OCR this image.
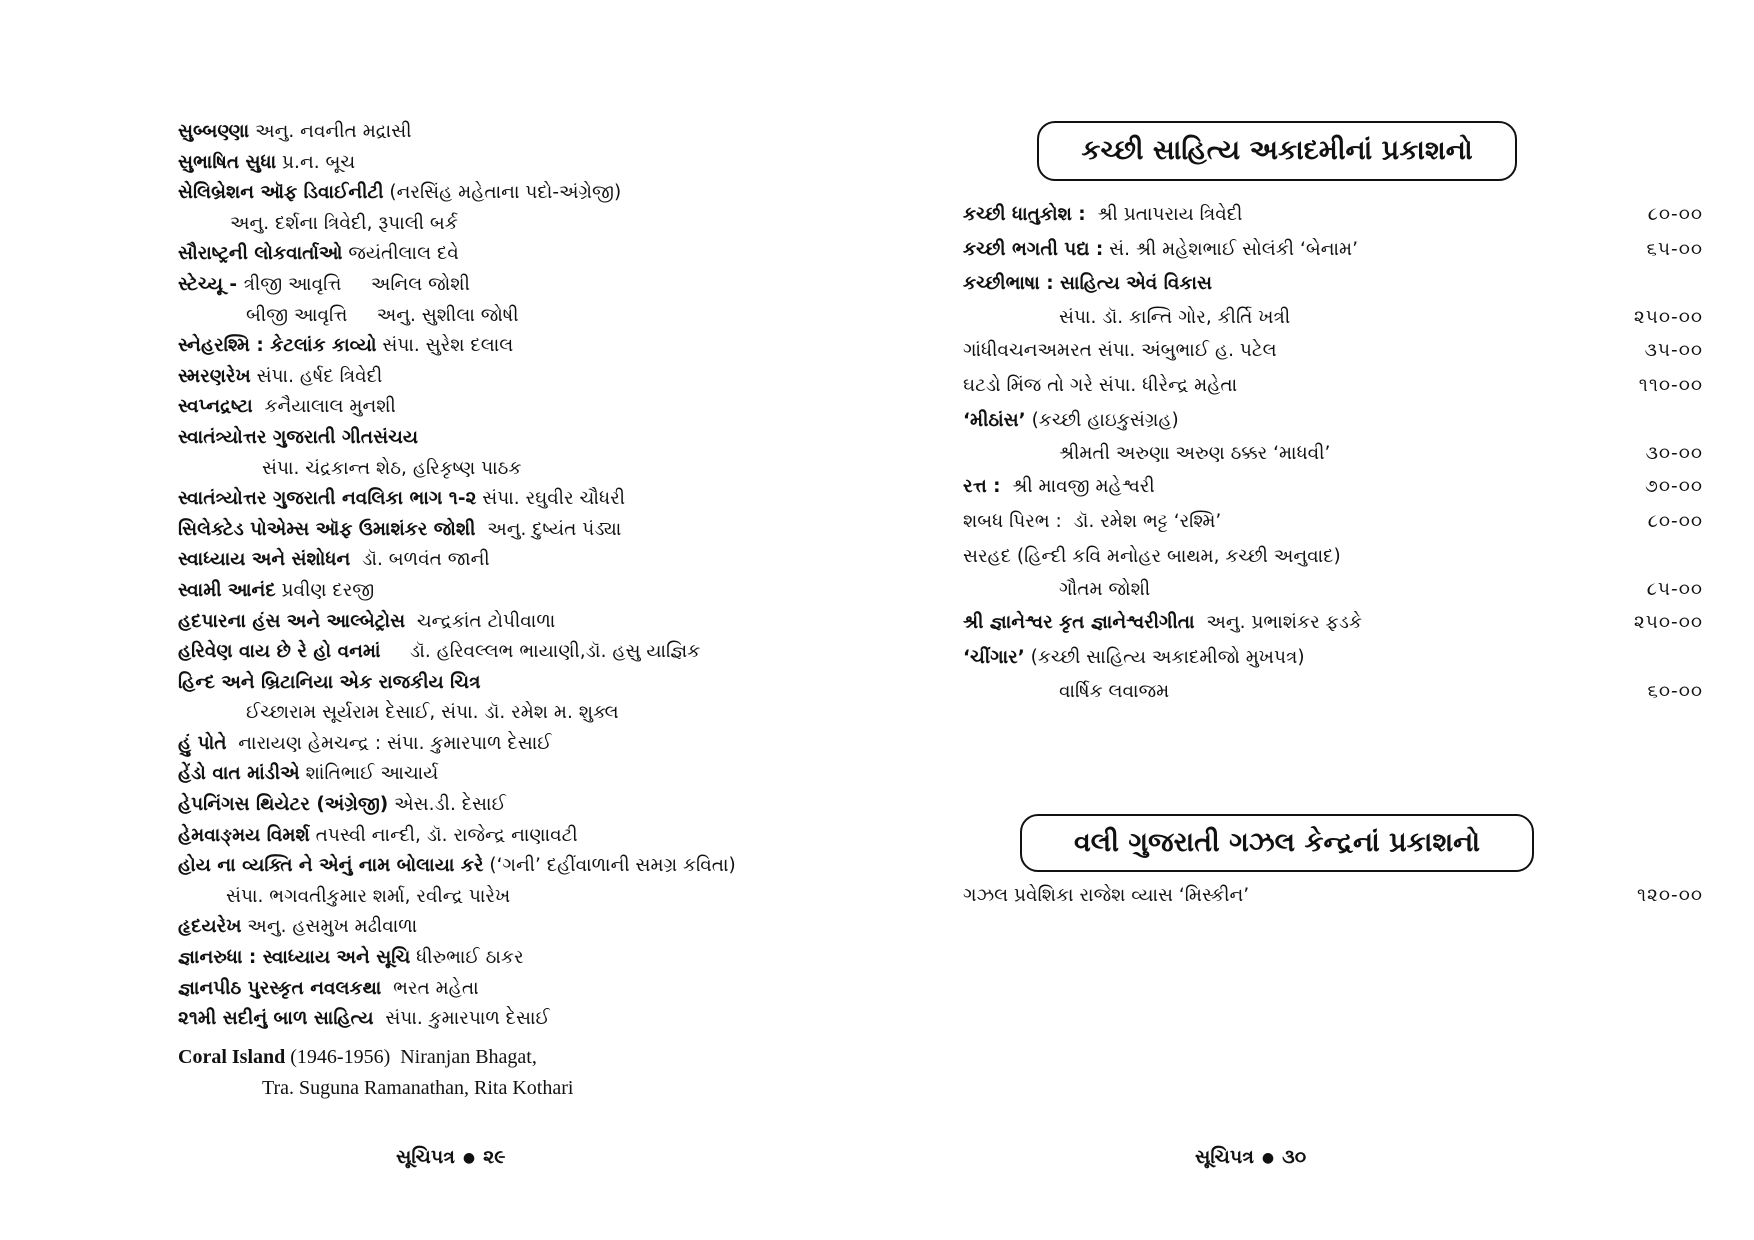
સુબ્બણ્ણા અનુ. નવનીત મદ્રાસી
સુભાષિત સુધા પ્ર.ન. બૂચ
સેલિબ્રેશન ઑફ ડિવાઈનીટી (નરસિંહ મહેતાના પદો-અંગ્રેજી)
અનુ. દર્શના ત્રિવેદી, રૂપાલી બર્ક
સૌરાષ્ટ્રની લોકવાર્તાઓ જયંતીલાલ દવે
સ્ટેચ્યૂ - ત્રીજી આવૃત્તિ     અનિલ જોશી
બીજી આવૃત્તિ     અનુ. સુશીલા જોષી
સ્નેહરશ્મિ : કેટલાંક કાવ્યો સંપા. સુરેશ દલાલ
સ્મરણરેખ સંપા. હર્ષદ ત્રિવેદી
સ્વપ્નદ્રષ્ટા  કનૈયાલાલ મુનશી
સ્વાતંત્ર્યોત્તર ગુજરાતી ગીતસંચય
સંપા. ચંદ્રકાન્ત શેઠ, હરિકૃષ્ણ પાઠક
સ્વાતંત્ર્યોત્તર ગુજરાતી નવલિકા ભાગ ૧-૨ સંપા. રઘુવીર ચૌધરી
સિલેક્ટેડ પોએમ્સ ઑફ ઉમાશંકર જોશી  અનુ. દુષ્યંત પંડ્યા
સ્વાધ્યાય અને સંશોધન  ડૉ. બળવંત જાની
સ્વામી આનંદ પ્રવીણ દરજી
હદપારના હંસ અને આલ્બેટ્રોસ  ચન્દ્રકાંત ટોપીવાળા
હરિવેણ વાય છે રે હો વનમાં     ડૉ. હરિવલ્લભ ભાયાણી,ડૉ. હસુ યાજ્ઞિક
હિન્દ અને બ્રિટાનિયા એક રાજકીય ચિત્ર
ઈચ્છારામ સૂર્યરામ દેસાઈ, સંપા. ડૉ. રમેશ મ. શુક્લ
હું પોતે  નારાયણ હેમચન્દ્ર : સંપા. કુમારપાળ દેસાઈ
હેંડો વાત માંડીએ શાંતિભાઈ આચાર્ય
હેપનિંગસ થિયેટર (અંગ્રેજી) એસ.ડી. દેસાઈ
હેમવાઙ્મય વિમર્શ તપસ્વી નાન્દી, ડૉ. રાજેન્દ્ર નાણાવટી
હોય ના વ્યક્તિ ને એનું નામ બોલાયા કરે (‘ગની’ દહીંવાળાની સમગ્ર કવિતા)
સંપા. ભગવતીકુમાર શર્મા, રવીન્દ્ર પારેખ
હૃદયરેખ અનુ. હસમુખ મઢીવાળા
જ્ઞાનરુધા : સ્વાધ્યાય અને સૂચિ ધીરુભાઈ ઠાકર
જ્ઞાનપીઠ પુરસ્કૃત નવલકથા  ભરત મહેતા
૨૧મી સદીનું બાળ સાહિત્ય  સંપા. કુમારપાળ દેસાઈ
Coral Island (1946-1956)  Niranjan Bhagat,
Tra. Suguna Ramanathan, Rita Kothari
સૂચિપત્ર ● ૨૯
કચ્છી સાહિત્ય અકાદમીનાં પ્રકાશનો
કચ્છી ધાતુકોશ :  શ્રી પ્રતાપરાય ત્રિવેદી	૮૦-૦૦
કચ્છી ભગતી પદ્ય : સં. શ્રી મહેશભાઈ સોલંકી ‘બેનામ’	૬૫-૦૦
કચ્છીભાષા : સાહિત્ય એવં વિકાસ
સંપા. ડૉ. કાન્તિ ગોર, કીર્તિ ખત્રી	૨૫૦-૦૦
ગાંધીવચનઅમરત સંપા. અંબુભાઈ હ. પટેલ	૩૫-૦૦
ઘટડો મિંજ તો ગરે સંપા. ધીરેન્દ્ર મહેતા	૧૧૦-૦૦
‘મીઠાંસ’ (કચ્છી હાઇકુસંગ્રહ)
શ્રીમતી અરુણા અરુણ ઠક્કર ‘માધવી’	૩૦-૦૦
રત્ત :  શ્રી માવજી મહેશ્વરી	૭૦-૦૦
શબધ પિરભ :  ડૉ. રમેશ ભટ્ટ ‘રશ્મિ’	૮૦-૦૦
સરહદ (હિન્દી કવિ મનોહર બાથમ, કચ્છી અનુવાદ)
ગૌતમ જોશી	૮૫-૦૦
શ્રી જ્ઞાનેશ્વર કૃત જ્ઞાનેશ્વરીગીતા  અનુ. પ્રભાશંકર ફડકે	૨૫૦-૦૦
‘ચીંગાર’ (કચ્છી સાહિત્ય અકાદમીજો મુખપત્ર)
વાર્ષિક લવાજમ	૬૦-૦૦
વલી ગુજરાતી ગઝલ કેન્દ્રનાં પ્રકાશનો
ગઝલ પ્રવેશિકા રાજેશ વ્યાસ ‘મિસ્કીન’	૧૨૦-૦૦
સૂચિપત્ર ● ૩૦
